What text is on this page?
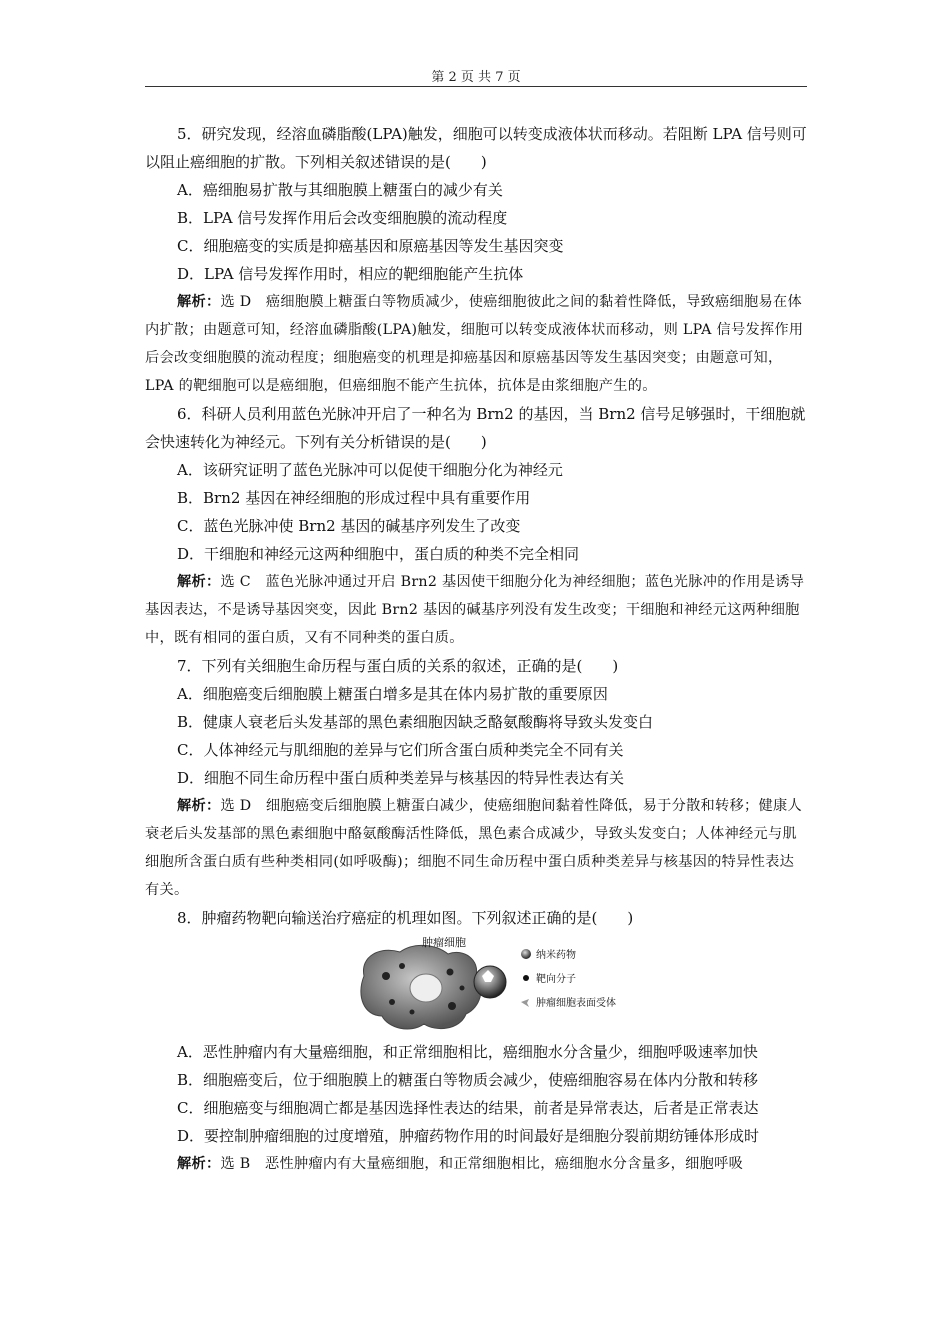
第 2 页 共 7 页

5．研究发现，经溶血磷脂酸(LPA)触发，细胞可以转变成液体状而移动。若阻断 LPA 信号则可以阻止癌细胞的扩散。下列相关叙述错误的是(　　)

A．癌细胞易扩散与其细胞膜上糖蛋白的减少有关

B．LPA 信号发挥作用后会改变细胞膜的流动程度

C．细胞癌变的实质是抑癌基因和原癌基因等发生基因突变

D．LPA 信号发挥作用时，相应的靶细胞能产生抗体

解析：选 D　癌细胞膜上糖蛋白等物质减少，使癌细胞彼此之间的黏着性降低，导致癌细胞易在体内扩散；由题意可知，经溶血磷脂酸(LPA)触发，细胞可以转变成液体状而移动，则 LPA 信号发挥作用后会改变细胞膜的流动程度；细胞癌变的机理是抑癌基因和原癌基因等发生基因突变；由题意可知，LPA 的靶细胞可以是癌细胞，但癌细胞不能产生抗体，抗体是由浆细胞产生的。

6．科研人员利用蓝色光脉冲开启了一种名为 Brn2 的基因，当 Brn2 信号足够强时，干细胞就会快速转化为神经元。下列有关分析错误的是(　　)

A．该研究证明了蓝色光脉冲可以促使干细胞分化为神经元

B．Brn2 基因在神经细胞的形成过程中具有重要作用

C．蓝色光脉冲使 Brn2 基因的碱基序列发生了改变

D．干细胞和神经元这两种细胞中，蛋白质的种类不完全相同

解析：选 C　蓝色光脉冲通过开启 Brn2 基因使干细胞分化为神经细胞；蓝色光脉冲的作用是诱导基因表达，不是诱导基因突变，因此 Brn2 基因的碱基序列没有发生改变；干细胞和神经元这两种细胞中，既有相同的蛋白质，又有不同种类的蛋白质。

7．下列有关细胞生命历程与蛋白质的关系的叙述，正确的是(　　)

A．细胞癌变后细胞膜上糖蛋白增多是其在体内易扩散的重要原因

B．健康人衰老后头发基部的黑色素细胞因缺乏酪氨酸酶将导致头发变白

C．人体神经元与肌细胞的差异与它们所含蛋白质种类完全不同有关

D．细胞不同生命历程中蛋白质种类差异与核基因的特异性表达有关

解析：选 D　细胞癌变后细胞膜上糖蛋白减少，使癌细胞间黏着性降低，易于分散和转移；健康人衰老后头发基部的黑色素细胞中酪氨酸酶活性降低，黑色素合成减少，导致头发变白；人体神经元与肌细胞所含蛋白质有些种类相同(如呼吸酶)；细胞不同生命历程中蛋白质种类差异与核基因的特异性表达有关。

8．肿瘤药物靶向输送治疗癌症的机理如图。下列叙述正确的是(　　)

肿瘤细胞
纳米药物
靶向分子
肿瘤细胞表面受体

A．恶性肿瘤内有大量癌细胞，和正常细胞相比，癌细胞水分含量少，细胞呼吸速率加快

B．细胞癌变后，位于细胞膜上的糖蛋白等物质会减少，使癌细胞容易在体内分散和转移

C．细胞癌变与细胞凋亡都是基因选择性表达的结果，前者是异常表达，后者是正常表达

D．要控制肿瘤细胞的过度增殖，肿瘤药物作用的时间最好是细胞分裂前期纺锤体形成时

解析：选 B　恶性肿瘤内有大量癌细胞，和正常细胞相比，癌细胞水分含量多，细胞呼吸
